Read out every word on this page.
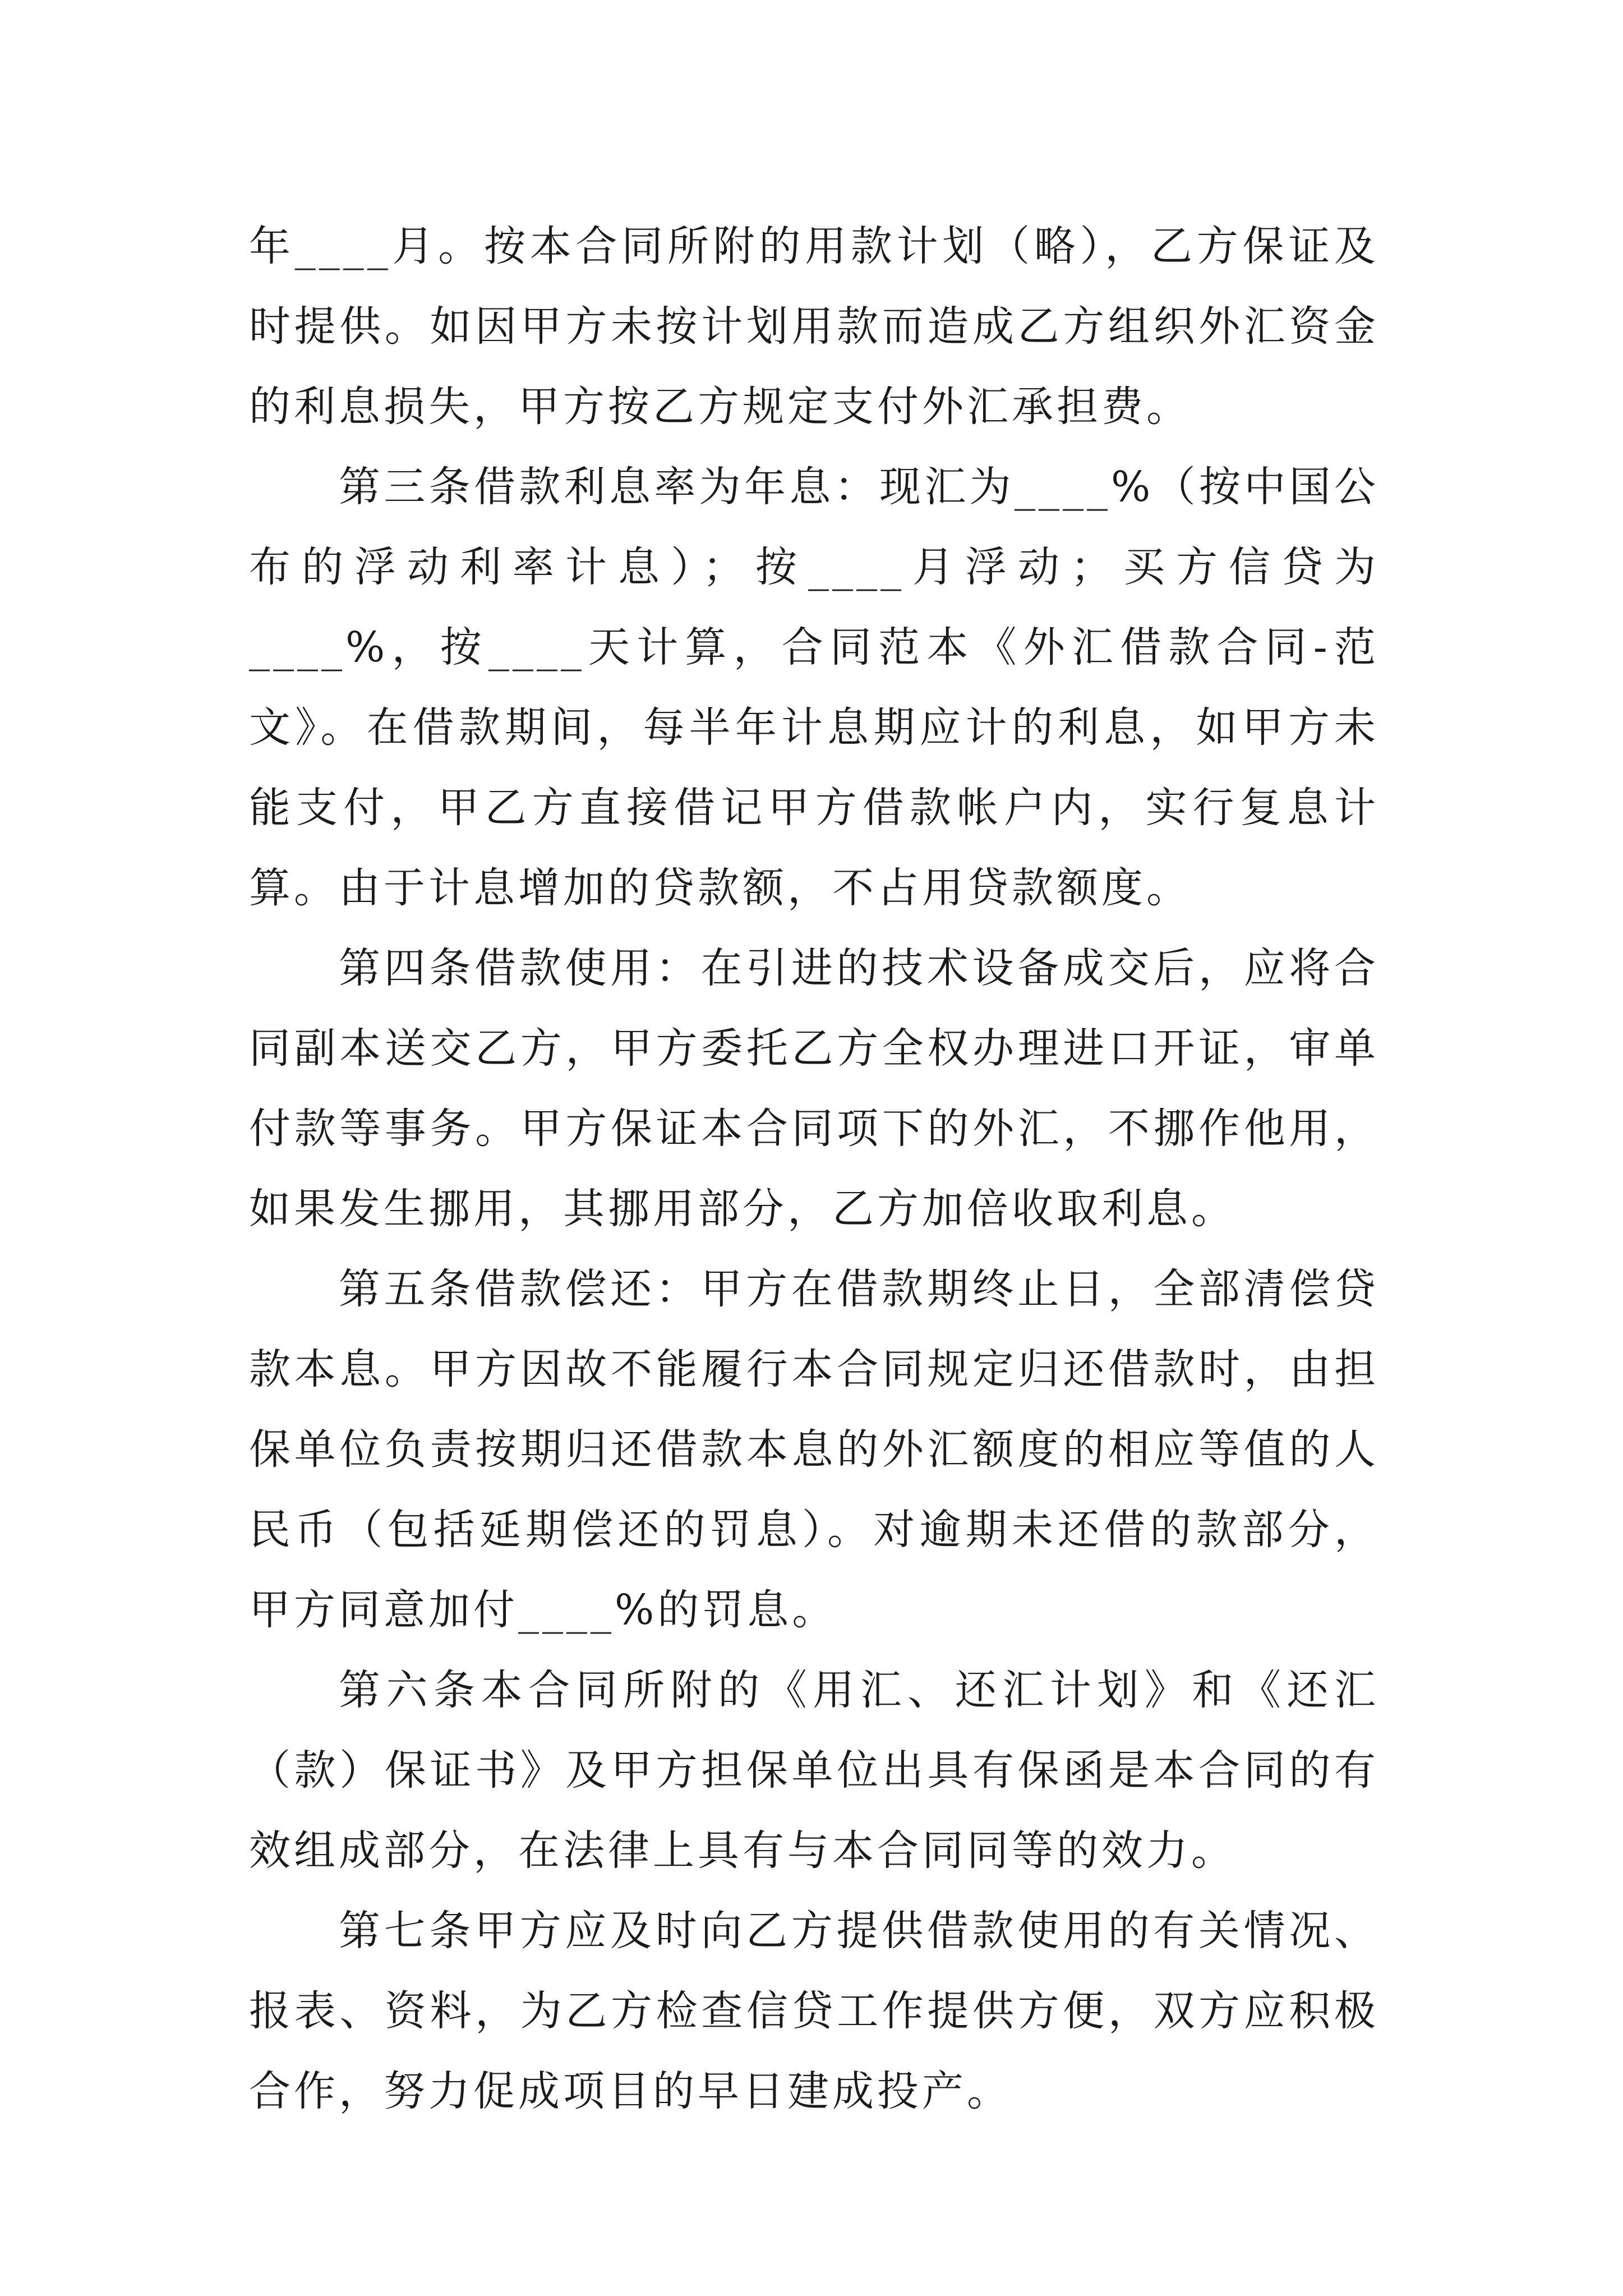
年____月。按本合同所附的用款计划（略），乙方保证及时提供。如因甲方未按计划用款而造成乙方组织外汇资金的利息损失，甲方按乙方规定支付外汇承担费。

第三条借款利息率为年息：现汇为____%（按中国公布的浮动利率计息）；按____月浮动；买方信贷为____%，按____天计算，合同范本《外汇借款合同-范文》。在借款期间，每半年计息期应计的利息，如甲方未能支付，甲乙方直接借记甲方借款帐户内，实行复息计算。由于计息增加的贷款额，不占用贷款额度。

第四条借款使用：在引进的技术设备成交后，应将合同副本送交乙方，甲方委托乙方全权办理进口开证，审单付款等事务。甲方保证本合同项下的外汇，不挪作他用，如果发生挪用，其挪用部分，乙方加倍收取利息。

第五条借款偿还：甲方在借款期终止日，全部清偿贷款本息。甲方因故不能履行本合同规定归还借款时，由担保单位负责按期归还借款本息的外汇额度的相应等值的人民币（包括延期偿还的罚息）。对逾期未还借的款部分，甲方同意加付____%的罚息。

第六条本合同所附的《用汇、还汇计划》和《还汇（款）保证书》及甲方担保单位出具有保函是本合同的有效组成部分，在法律上具有与本合同同等的效力。

第七条甲方应及时向乙方提供借款使用的有关情况、报表、资料，为乙方检查信贷工作提供方便，双方应积极合作，努力促成项目的早日建成投产。
